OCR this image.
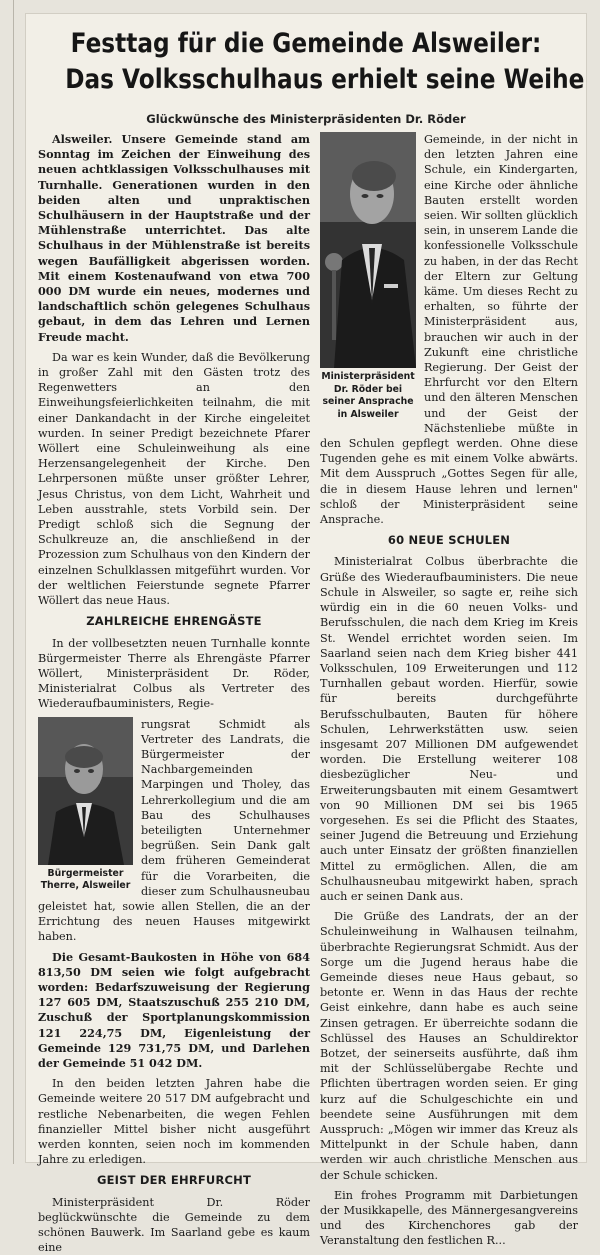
Festtag für die Gemeinde Alsweiler:
Das Volksschulhaus erhielt seine Weihe
Glückwünsche des Ministerpräsidenten Dr. Röder

Alsweiler. Unsere Gemeinde stand am Sonntag im Zeichen der Einweihung des neuen achtklassigen Volksschulhauses mit Turnhalle. Generationen wurden in den beiden alten und unpraktischen Schulhäusern in der Hauptstraße und der Mühlenstraße unterrichtet. Das alte Schulhaus in der Mühlenstraße ist bereits wegen Baufälligkeit abgerissen worden. Mit einem Kostenaufwand von etwa 700 000 DM wurde ein neues, modernes und landschaftlich schön gelegenes Schulhaus gebaut, in dem das Lehren und Lernen Freude macht.

Da war es kein Wunder, daß die Bevölkerung in großer Zahl mit den Gästen trotz des Regenwetters an den Einweihungsfeierlichkeiten teilnahm, die mit einer Dankandacht in der Kirche eingeleitet wurden. In seiner Predigt bezeichnete Pfarer Wöllert eine Schuleinweihung als eine Herzensangelegenheit der Kirche. Den Lehrpersonen müßte unser größter Lehrer, Jesus Christus, von dem Licht, Wahrheit und Leben ausstrahle, stets Vorbild sein. Der Predigt schloß sich die Segnung der Schulkreuze an, die anschließend in der Prozession zum Schulhaus von den Kindern der einzelnen Schulklassen mitgeführt wurden. Vor der weltlichen Feierstunde segnete Pfarrer Wöllert das neue Haus.

ZAHLREICHE EHRENGÄSTE

In der vollbesetzten neuen Turnhalle konnte Bürgermeister Therre als Ehrengäste Pfarrer Wöllert, Ministerpräsident Dr. Röder, Ministerialrat Colbus als Vertreter des Wiederaufbauministers, Regie-

Bürgermeister Therre, Alsweiler

rungsrat Schmidt als Vertreter des Landrats, die Bürgermeister der Nachbargemeinden Marpingen und Tholey, das Lehrerkollegium und die am Bau des Schulhauses beteiligten Unternehmer begrüßen. Sein Dank galt dem früheren Gemeinderat für die Vorarbeiten, die dieser zum Schulhausneubau geleistet hat, sowie allen Stellen, die an der Errichtung des neuen Hauses mitgewirkt haben.

Die Gesamt-Baukosten in Höhe von 684 813,50 DM seien wie folgt aufgebracht worden: Bedarfszuweisung der Regierung 127 605 DM, Staatszuschuß 255 210 DM, Zuschuß der Sportplanungskommission 121 224,75 DM, Eigenleistung der Gemeinde 129 731,75 DM, und Darlehen der Gemeinde 51 042 DM.

In den beiden letzten Jahren habe die Gemeinde weitere 20 517 DM aufgebracht und restliche Nebenarbeiten, die wegen Fehlen finanzieller Mittel bisher nicht ausgeführt werden konnten, seien noch im kommenden Jahre zu erledigen.

GEIST DER EHRFURCHT

Ministerpräsident Dr. Röder beglückwünschte die Gemeinde zu dem schönen Bauwerk. Im Saarland gebe es kaum eine

Ministerpräsident Dr. Röder bei seiner Ansprache in Alsweiler

Gemeinde, in der nicht in den letzten Jahren eine Schule, ein Kindergarten, eine Kirche oder ähnliche Bauten erstellt worden seien. Wir sollten glücklich sein, in unserem Lande die konfessionelle Volksschule zu haben, in der das Recht der Eltern zur Geltung käme. Um dieses Recht zu erhalten, so führte der Ministerpräsident aus, brauchen wir auch in der Zukunft eine christliche Regierung. Der Geist der Ehrfurcht vor den Eltern und den älteren Menschen und der Geist der Nächstenliebe müßte in den Schulen gepflegt werden. Ohne diese Tugenden gehe es mit einem Volke abwärts. Mit dem Ausspruch „Gottes Segen für alle, die in diesem Hause lehren und lernen" schloß der Ministerpräsident seine Ansprache.

60 NEUE SCHULEN

Ministerialrat Colbus überbrachte die Grüße des Wiederaufbauministers. Die neue Schule in Alsweiler, so sagte er, reihe sich würdig ein in die 60 neuen Volks- und Berufsschulen, die nach dem Krieg im Kreis St. Wendel errichtet worden seien. Im Saarland seien nach dem Krieg bisher 441 Volksschulen, 109 Erweiterungen und 112 Turnhallen gebaut worden. Hierfür, sowie für bereits durchgeführte Berufsschulbauten, Bauten für höhere Schulen, Lehrwerkstätten usw. seien insgesamt 207 Millionen DM aufgewendet worden. Die Erstellung weiterer 108 diesbezüglicher Neu- und Erweiterungsbauten mit einem Gesamtwert von 90 Millionen DM sei bis 1965 vorgesehen. Es sei die Pflicht des Staates, seiner Jugend die Betreuung und Erziehung auch unter Einsatz der größten finanziellen Mittel zu ermöglichen. Allen, die am Schulhausneubau mitgewirkt haben, sprach auch er seinen Dank aus.

Die Grüße des Landrats, der an der Schuleinweihung in Walhausen teilnahm, überbrachte Regierungsrat Schmidt. Aus der Sorge um die Jugend heraus habe die Gemeinde dieses neue Haus gebaut, so betonte er. Wenn in das Haus der rechte Geist einkehre, dann habe es auch seine Zinsen getragen. Er überreichte sodann die Schlüssel des Hauses an Schuldirektor Botzet, der seinerseits ausführte, daß ihm mit der Schlüsselübergabe Rechte und Pflichten übertragen worden seien. Er ging kurz auf die Schulgeschichte ein und beendete seine Ausführungen mit dem Ausspruch: „Mögen wir immer das Kreuz als Mittelpunkt in der Schule haben, dann werden wir auch christliche Menschen aus der Schule schicken.

Ein frohes Programm mit Darbietungen der Musikkapelle, des Männergesangvereins und des Kirchenchores gab der Veranstaltung den festlichen R...
